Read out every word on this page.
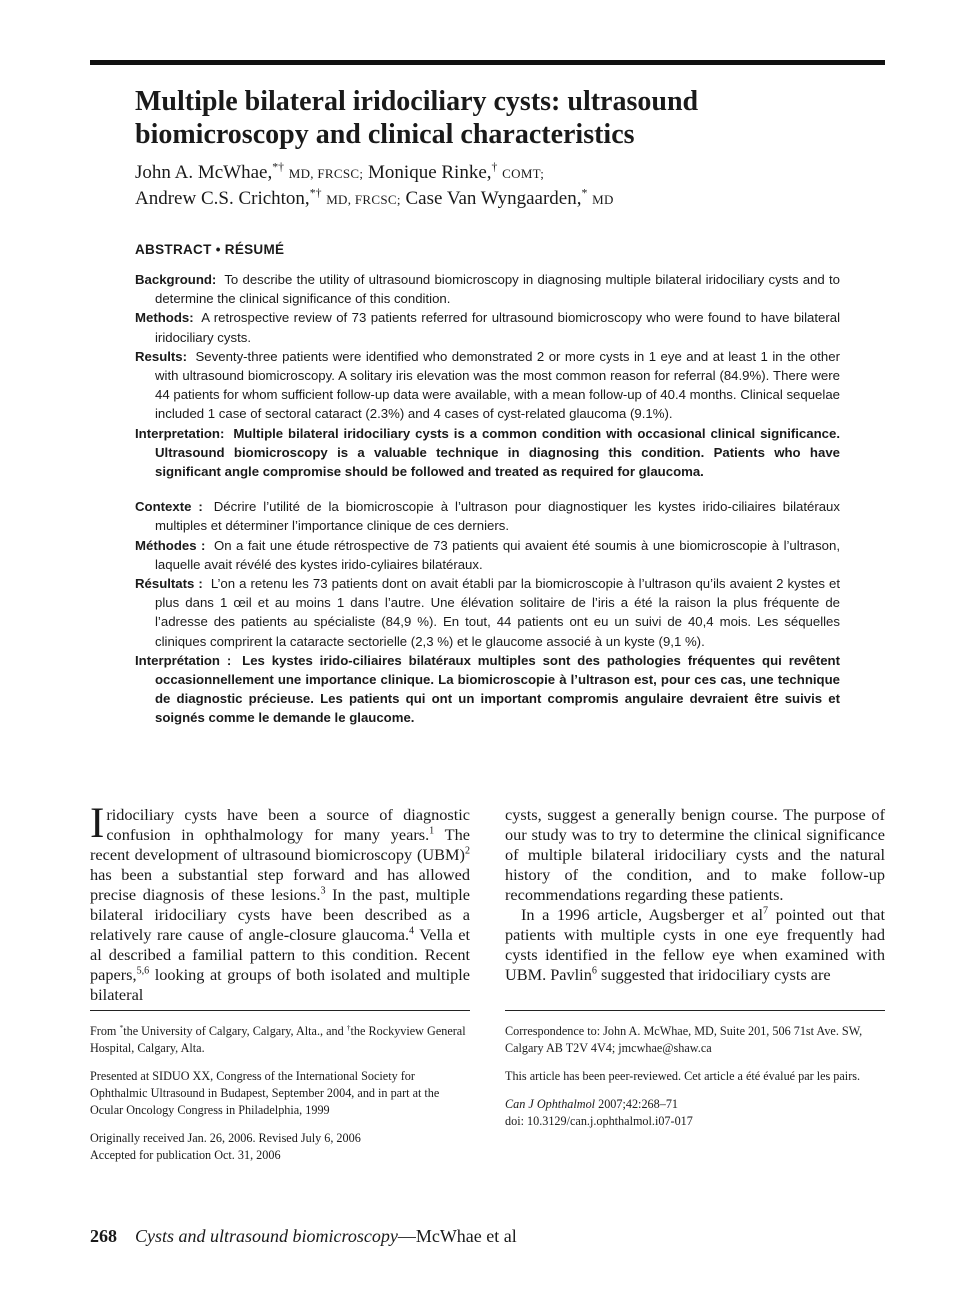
Multiple bilateral iridociliary cysts: ultrasound
biomicroscopy and clinical characteristics
John A. McWhae,*† MD, FRCSC; Monique Rinke,† COMT;
Andrew C.S. Crichton,*† MD, FRCSC; Case Van Wyngaarden,* MD
ABSTRACT • RÉSUMÉ

Background: To describe the utility of ultrasound biomicroscopy in diagnosing multiple bilateral iridociliary cysts and to determine the clinical significance of this condition.

Methods: A retrospective review of 73 patients referred for ultrasound biomicroscopy who were found to have bilateral iridociliary cysts.

Results: Seventy-three patients were identified who demonstrated 2 or more cysts in 1 eye and at least 1 in the other with ultrasound biomicroscopy. A solitary iris elevation was the most common reason for referral (84.9%). There were 44 patients for whom sufficient follow-up data were available, with a mean follow-up of 40.4 months. Clinical sequelae included 1 case of sectoral cataract (2.3%) and 4 cases of cyst-related glaucoma (9.1%).

Interpretation: Multiple bilateral iridociliary cysts is a common condition with occasional clinical significance. Ultrasound biomicroscopy is a valuable technique in diagnosing this condition. Patients who have significant angle compromise should be followed and treated as required for glaucoma.

Contexte : Décrire l’utilité de la biomicroscopie à l’ultrason pour diagnostiquer les kystes irido-ciliaires bilatéraux multiples et déterminer l’importance clinique de ces derniers.

Méthodes : On a fait une étude rétrospective de 73 patients qui avaient été soumis à une biomicroscopie à l’ultrason, laquelle avait révélé des kystes irido-cyliaires bilatéraux.

Résultats : L’on a retenu les 73 patients dont on avait établi par la biomicroscopie à l’ultrason qu’ils avaient 2 kystes et plus dans 1 œil et au moins 1 dans l’autre. Une élévation solitaire de l’iris a été la raison la plus fréquente de l’adresse des patients au spécialiste (84,9 %). En tout, 44 patients ont eu un suivi de 40,4 mois. Les séquelles cliniques comprirent la cataracte sectorielle (2,3 %) et le glaucome associé à un kyste (9,1 %).

Interprétation : Les kystes irido-ciliaires bilatéraux multiples sont des pathologies fréquentes qui revêtent occasionnellement une importance clinique. La biomicroscopie à l’ultrason est, pour ces cas, une technique de diagnostic précieuse. Les patients qui ont un important compromis angulaire devraient être suivis et soignés comme le demande le glaucome.

Iridociliary cysts have been a source of diagnostic confusion in ophthalmology for many years.$^1$ The recent development of ultrasound biomicroscopy (UBM)$^2$ has been a substantial step forward and has allowed precise diagnosis of these lesions.$^3$ In the past, multiple bilateral iridociliary cysts have been described as a relatively rare cause of angle-closure glaucoma.$^4$ Vella et al described a familial pattern to this condition. Recent papers,$^{5,6}$ looking at groups of both isolated and multiple bilateral

cysts, suggest a generally benign course. The purpose of our study was to try to determine the clinical significance of multiple bilateral iridociliary cysts and the natural history of the condition, and to make follow-up recommendations regarding these patients.

In a 1996 article, Augsberger et $al^7$ pointed out that patients with multiple cysts in one eye frequently had cysts identified in the fellow eye when examined with UBM. Pavlin$^6$ suggested that iridociliary cysts are

From *the University of Calgary, Calgary, Alta., and †the Rockyview General Hospital, Calgary, Alta.

Presented at SIDUO XX, Congress of the International Society for Ophthalmic Ultrasound in Budapest, September 2004, and in part at the Ocular Oncology Congress in Philadelphia, 1999

Originally received Jan. 26, 2006. Revised July 6, 2006
Accepted for publication Oct. 31, 2006

Correspondence to: John A. McWhae, MD, Suite 201, 506 71st Ave. SW, Calgary AB T2V 4V4; jmcwhae@shaw.ca

This article has been peer-reviewed. Cet article a été évalué par les pairs.

Can J Ophthalmol 2007;42:268–71
doi: 10.3129/can.j.ophthalmol.i07-017

268 Cysts and ultrasound biomicroscopy—McWhae et al
